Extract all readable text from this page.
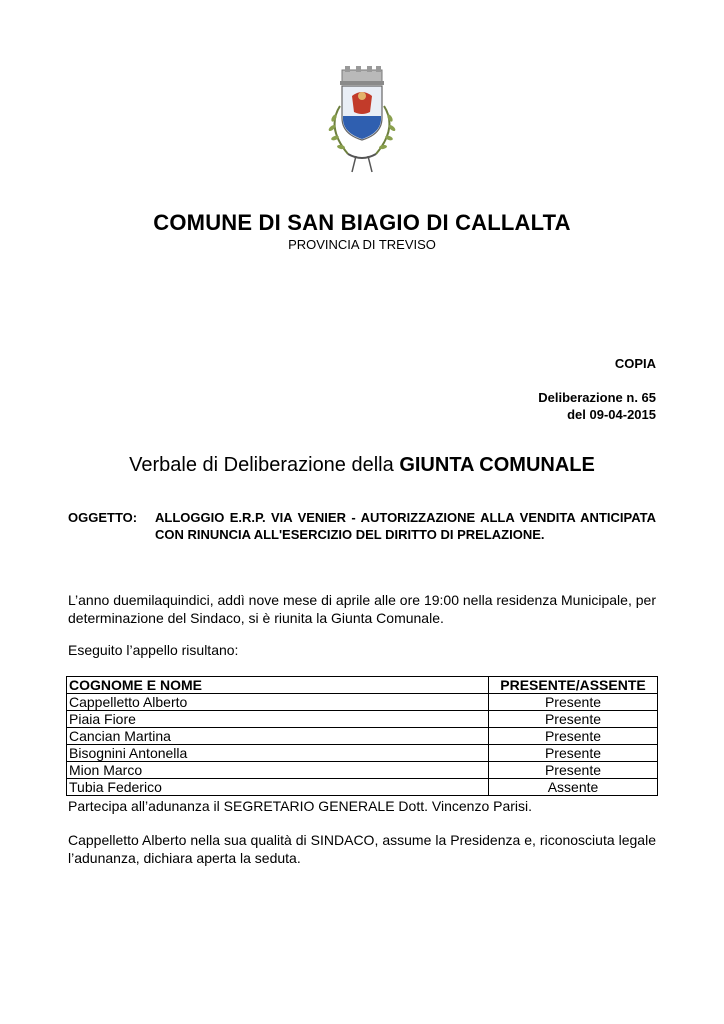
COMUNE DI SAN BIAGIO DI CALLALTA
PROVINCIA DI TREVISO
COPIA
Deliberazione n. 65
del 09-04-2015
Verbale di Deliberazione della GIUNTA COMUNALE
OGGETTO: ALLOGGIO E.R.P. VIA VENIER - AUTORIZZAZIONE ALLA VENDITA ANTICIPATA CON RINUNCIA ALL'ESERCIZIO DEL DIRITTO DI PRELAZIONE.
L’anno duemilaquindici, addì nove mese di aprile alle ore 19:00 nella residenza Municipale, per determinazione del Sindaco, si è riunita la Giunta Comunale.
Eseguito l’appello risultano:
COGNOME E NOME	PRESENTE/ASSENTE
Cappelletto Alberto	Presente
Piaia Fiore	Presente
Cancian Martina	Presente
Bisognini Antonella	Presente
Mion Marco	Presente
Tubia Federico	Assente
Partecipa all’adunanza il SEGRETARIO GENERALE Dott. Vincenzo Parisi.
Cappelletto Alberto nella sua qualità di SINDACO, assume la Presidenza e, riconosciuta legale l’adunanza, dichiara aperta la seduta.
